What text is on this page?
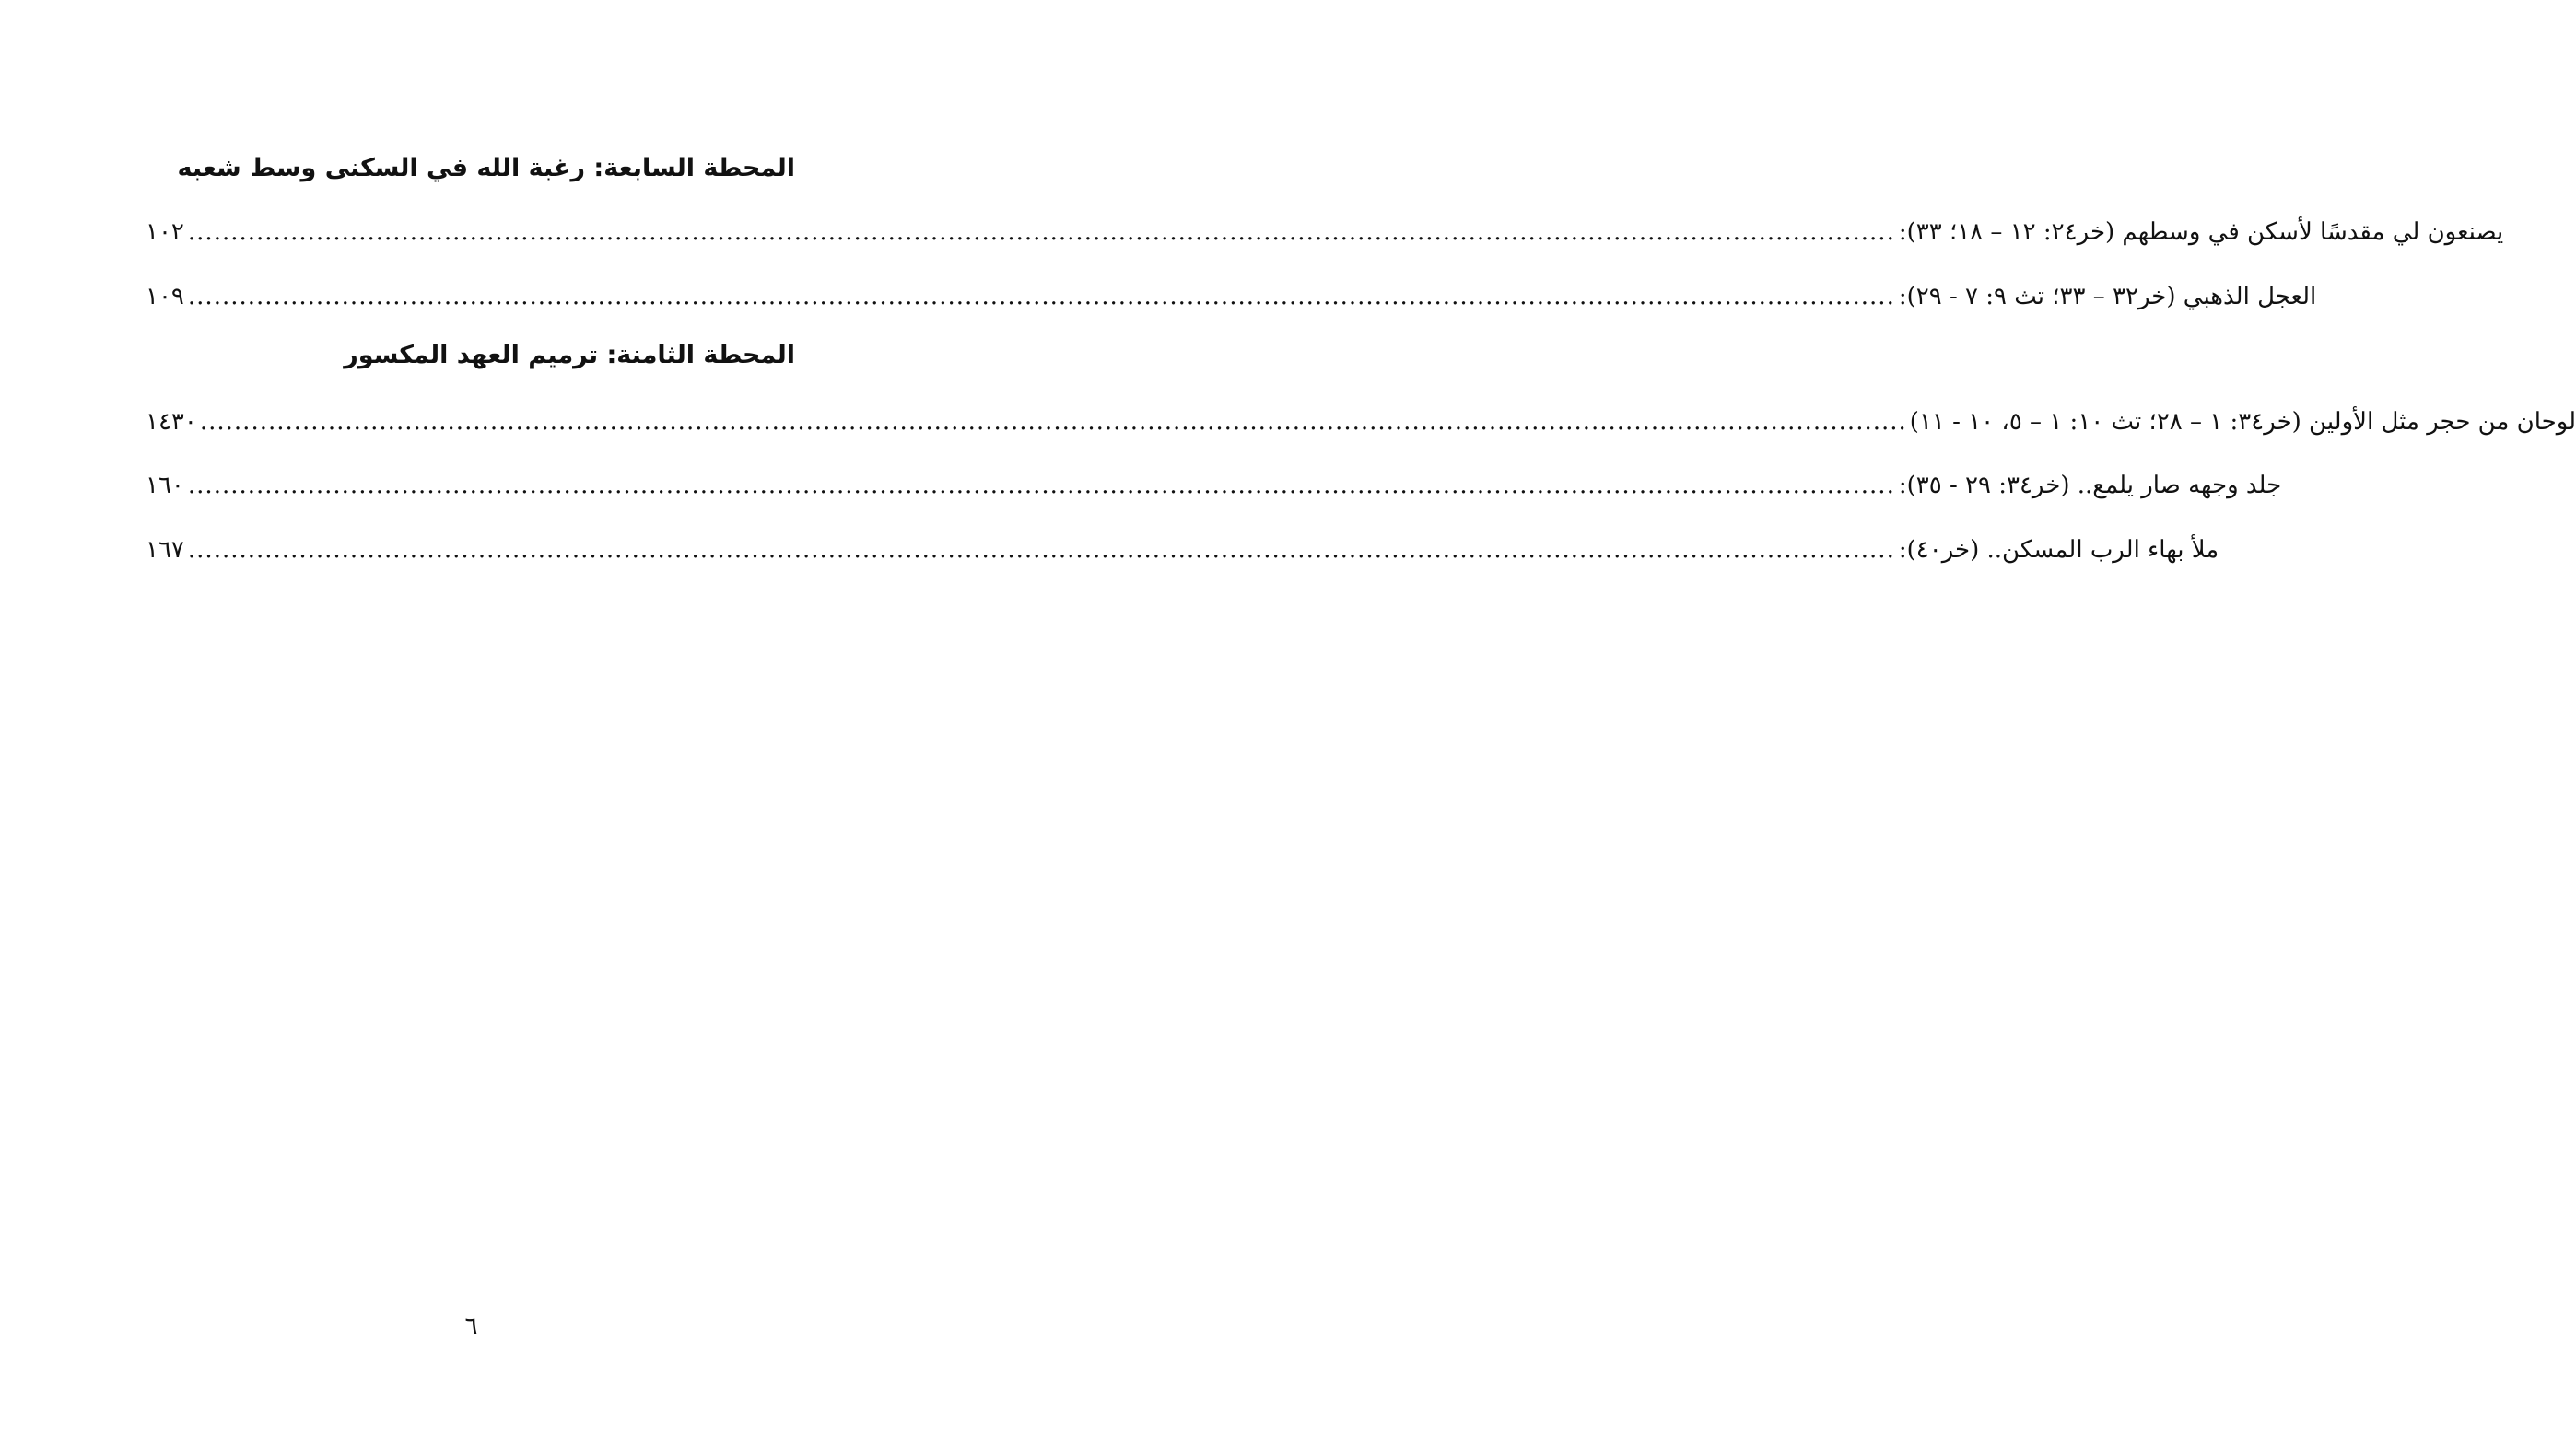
المحطة السابعة: رغبة الله في السكنى وسط شعبه
١٠٢ ........................................................................................................................................................................................................ يصنعون لي مقدسًا لأسكن في وسطهم (خر٢٤: ١٢ – ١٨؛ ٣٣):
١٠٩ ........................................................................................................................................................................................................ العجل الذهبي (خر٣٢ – ٣٣؛ تث ٩: ٧ - ٢٩):
المحطة الثامنة: ترميم العهد المكسور
١٤٣٠ ........................................................................................................................................................................................................ لوحان من حجر مثل الأولين (خر٣٤: ١ – ٢٨؛ تث ١٠: ١ – ٥، ١٠ - ١١)
١٦٠ ........................................................................................................................................................................................................ جلد وجهه صار يلمع.. (خر٣٤: ٢٩ - ٣٥):
١٦٧ ........................................................................................................................................................................................................ ملأ بهاء الرب المسكن.. (خر٤٠):
٦
